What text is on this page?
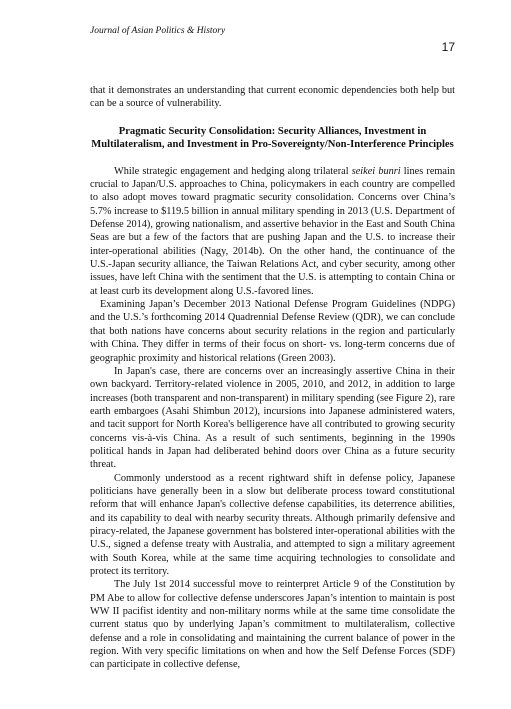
Journal of Asian Politics & History
17

that it demonstrates an understanding that current economic dependencies both help but can be a source of vulnerability.

Pragmatic Security Consolidation: Security Alliances, Investment in Multilateralism, and Investment in Pro-Sovereignty/Non-Interference Principles

While strategic engagement and hedging along trilateral seikei bunri lines remain crucial to Japan/U.S. approaches to China, policymakers in each country are compelled to also adopt moves toward pragmatic security consolidation. Concerns over China’s 5.7% increase to $119.5 billion in annual military spending in 2013 (U.S. Department of Defense 2014), growing nationalism, and assertive behavior in the East and South China Seas are but a few of the factors that are pushing Japan and the U.S. to increase their inter-operational abilities (Nagy, 2014b). On the other hand, the continuance of the U.S.-Japan security alliance, the Taiwan Relations Act, and cyber security, among other issues, have left China with the sentiment that the U.S. is attempting to contain China or at least curb its development along U.S.-favored lines.

Examining Japan’s December 2013 National Defense Program Guidelines (NDPG) and the U.S.’s forthcoming 2014 Quadrennial Defense Review (QDR), we can conclude that both nations have concerns about security relations in the region and particularly with China. They differ in terms of their focus on short- vs. long-term concerns due of geographic proximity and historical relations (Green 2003).

In Japan's case, there are concerns over an increasingly assertive China in their own backyard. Territory-related violence in 2005, 2010, and 2012, in addition to large increases (both transparent and non-transparent) in military spending (see Figure 2), rare earth embargoes (Asahi Shimbun 2012), incursions into Japanese administered waters, and tacit support for North Korea's belligerence have all contributed to growing security concerns vis-à-vis China. As a result of such sentiments, beginning in the 1990s political hands in Japan had deliberated behind doors over China as a future security threat.

Commonly understood as a recent rightward shift in defense policy, Japanese politicians have generally been in a slow but deliberate process toward constitutional reform that will enhance Japan's collective defense capabilities, its deterrence abilities, and its capability to deal with nearby security threats. Although primarily defensive and piracy-related, the Japanese government has bolstered inter-operational abilities with the U.S., signed a defense treaty with Australia, and attempted to sign a military agreement with South Korea, while at the same time acquiring technologies to consolidate and protect its territory.

The July 1st 2014 successful move to reinterpret Article 9 of the Constitution by PM Abe to allow for collective defense underscores Japan’s intention to maintain is post WW II pacifist identity and non-military norms while at the same time consolidate the current status quo by underlying Japan’s commitment to multilateralism, collective defense and a role in consolidating and maintaining the current balance of power in the region. With very specific limitations on when and how the Self Defense Forces (SDF) can participate in collective defense,
